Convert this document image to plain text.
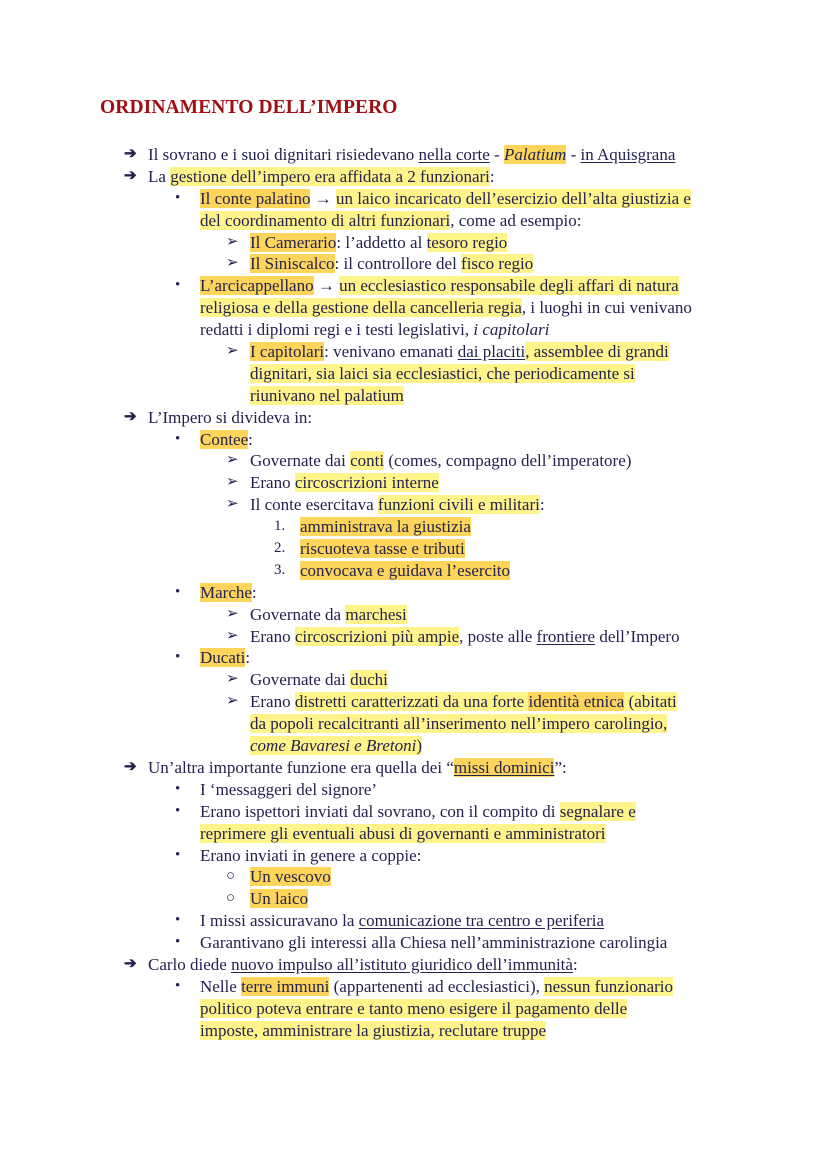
ORDINAMENTO DELL’IMPERO
➔ Il sovrano e i suoi dignitari risiedevano nella corte - Palatium - in Aquisgrana
➔ La gestione dell’impero era affidata a 2 funzionari:
• Il conte palatino → un laico incaricato dell’esercizio dell’alta giustizia e
del coordinamento di altri funzionari, come ad esempio:
➢ Il Camerario: l’addetto al tesoro regio
➢ Il Siniscalco: il controllore del fisco regio
• L’arcicappellano → un ecclesiastico responsabile degli affari di natura
religiosa e della gestione della cancelleria regia, i luoghi in cui venivano
redatti i diplomi regi e i testi legislativi, i capitolari
➢ I capitolari: venivano emanati dai placiti, assemblee di grandi
dignitari, sia laici sia ecclesiastici, che periodicamente si
riunivano nel palatium
➔ L’Impero si divideva in:
• Contee:
➢ Governate dai conti (comes, compagno dell’imperatore)
➢ Erano circoscrizioni interne
➢ Il conte esercitava funzioni civili e militari:
1. amministrava la giustizia
2. riscuoteva tasse e tributi
3. convocava e guidava l’esercito
• Marche:
➢ Governate da marchesi
➢ Erano circoscrizioni più ampie, poste alle frontiere dell’Impero
• Ducati:
➢ Governate dai duchi
➢ Erano distretti caratterizzati da una forte identità etnica (abitati
da popoli recalcitranti all’inserimento nell’impero carolingio,
come Bavaresi e Bretoni)
➔ Un’altra importante funzione era quella dei “missi dominici”:
• I ‘messaggeri del signore’
• Erano ispettori inviati dal sovrano, con il compito di segnalare e
reprimere gli eventuali abusi di governanti e amministratori
• Erano inviati in genere a coppie:
○ Un vescovo
○ Un laico
• I missi assicuravano la comunicazione tra centro e periferia
• Garantivano gli interessi alla Chiesa nell’amministrazione carolingia
➔ Carlo diede nuovo impulso all’istituto giuridico dell’immunità:
• Nelle terre immuni (appartenenti ad ecclesiastici), nessun funzionario
politico poteva entrare e tanto meno esigere il pagamento delle
imposte, amministrare la giustizia, reclutare truppe
